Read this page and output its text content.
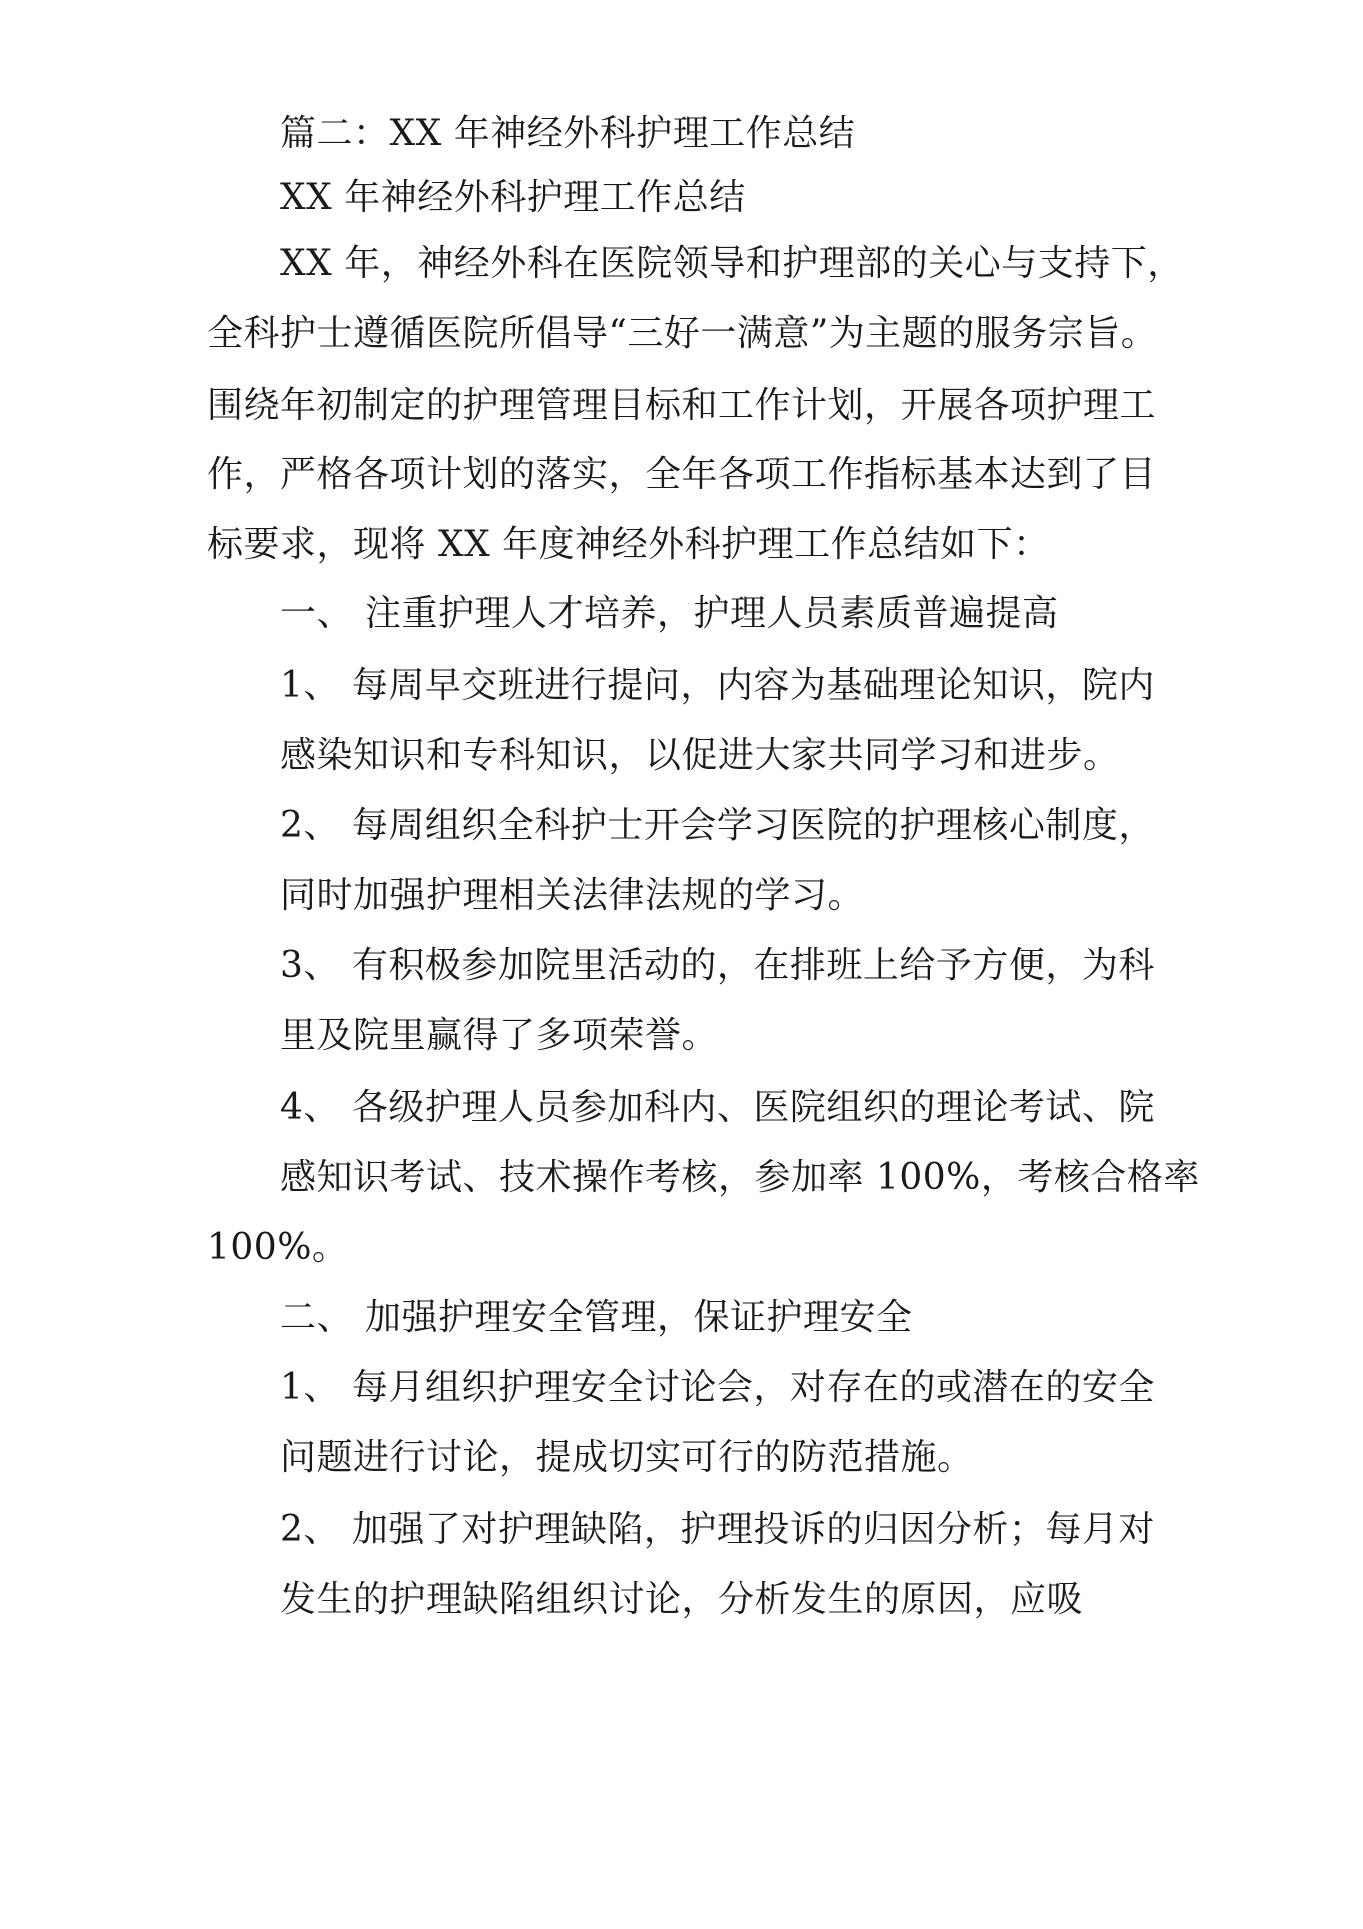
篇二：XX 年神经外科护理工作总结
XX 年神经外科护理工作总结
XX 年，神经外科在医院领导和护理部的关心与支持下，
全科护士遵循医院所倡导“三好一满意”为主题的服务宗旨。
围绕年初制定的护理管理目标和工作计划，开展各项护理工
作，严格各项计划的落实，全年各项工作指标基本达到了目
标要求，现将 XX 年度神经外科护理工作总结如下：
一、 注重护理人才培养，护理人员素质普遍提高
1、 每周早交班进行提问，内容为基础理论知识，院内
感染知识和专科知识，以促进大家共同学习和进步。
2、 每周组织全科护士开会学习医院的护理核心制度，
同时加强护理相关法律法规的学习。
3、 有积极参加院里活动的，在排班上给予方便，为科
里及院里赢得了多项荣誉。
4、 各级护理人员参加科内、医院组织的理论考试、院
感知识考试、技术操作考核，参加率 100%，考核合格率
100%。
二、 加强护理安全管理，保证护理安全
1、 每月组织护理安全讨论会，对存在的或潜在的安全
问题进行讨论，提成切实可行的防范措施。
2、 加强了对护理缺陷，护理投诉的归因分析；每月对
发生的护理缺陷组织讨论，分析发生的原因，应吸
